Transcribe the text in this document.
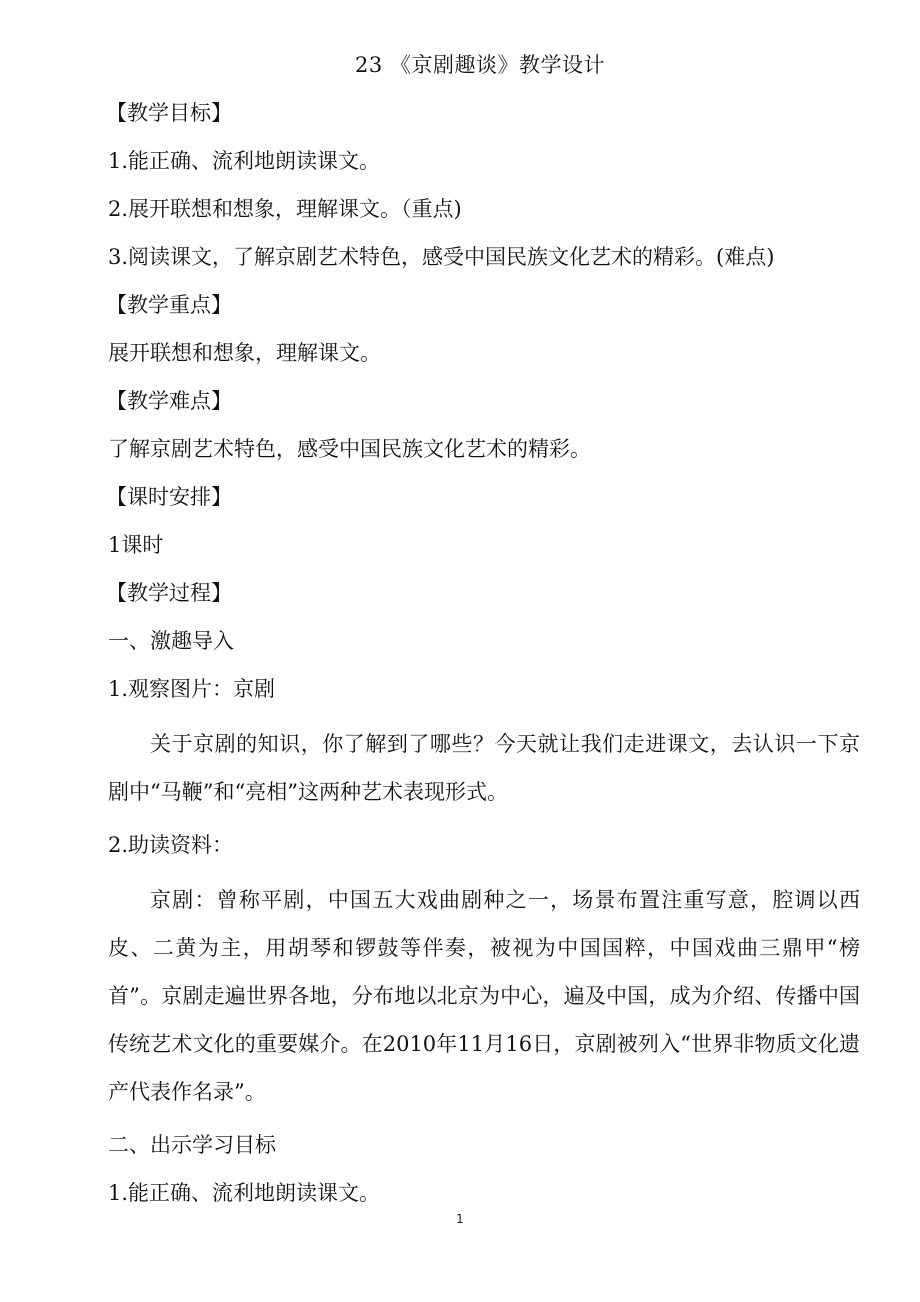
23 《京剧趣谈》教学设计

【教学目标】

1.能正确、流利地朗读课文。

2.展开联想和想象，理解课文。（重点)

3.阅读课文，了解京剧艺术特色，感受中国民族文化艺术的精彩。(难点)

【教学重点】

展开联想和想象，理解课文。

【教学难点】

了解京剧艺术特色，感受中国民族文化艺术的精彩。

【课时安排】

1课时

【教学过程】

一、激趣导入

1.观察图片：京剧

关于京剧的知识，你了解到了哪些？今天就让我们走进课文，去认识一下京剧中“马鞭”和“亮相”这两种艺术表现形式。

2.助读资料：

京剧：曾称平剧，中国五大戏曲剧种之一，场景布置注重写意，腔调以西皮、二黄为主，用胡琴和锣鼓等伴奏，被视为中国国粹，中国戏曲三鼎甲“榜首”。京剧走遍世界各地，分布地以北京为中心，遍及中国，成为介绍、传播中国传统艺术文化的重要媒介。在2010年11月16日，京剧被列入“世界非物质文化遗产代表作名录”。

二、出示学习目标

1.能正确、流利地朗读课文。

1
